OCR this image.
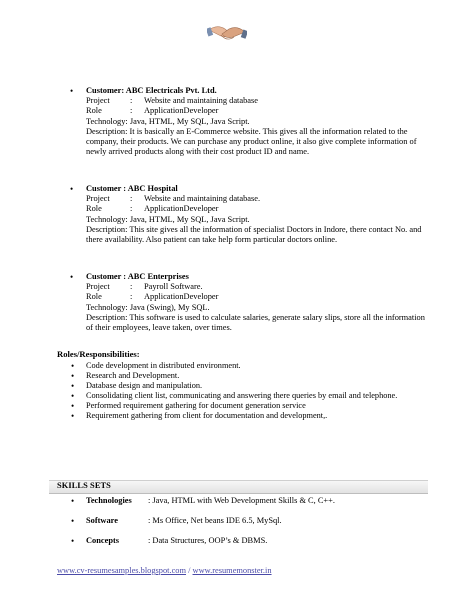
• Customer: ABC Electricals Pvt. Ltd.
Project : Website and maintaining database
Role	: ApplicationDeveloper
Technology: Java, HTML, My SQL, Java Script.
Description: It is basically an E-Commerce website. This gives all the information related to the company, their products. We can purchase any product online, it also give complete information of newly arrived products along with their cost product ID and name.
• Customer : ABC Hospital
Project : Website and maintaining database.
Role	: ApplicationDeveloper
Technology: Java, HTML, My SQL, Java Script.
Description: This site gives all the information of specialist Doctors in Indore, there contact No. and there availability. Also patient can take help form particular doctors online.
• Customer : ABC Enterprises
Project : Payroll Software.
Role	: ApplicationDeveloper
Technology: Java (Swing), My SQL.
Description: This software is used to calculate salaries, generate salary slips, store all the information of their employees, leave taken, over times.
Roles/Responsibilities:
• Code development in distributed environment.
• Research and Development.
• Database design and manipulation.
• Consolidating client list, communicating and answering there queries by email and telephone.
• Performed requirement gathering for document generation service
• Requirement gathering from client for documentation and development,.
SKILLS SETS
• Technologies : Java, HTML with Web Development Skills & C, C++.
• Software	: Ms Office, Net beans IDE 6.5, MySql.
• Concepts	: Data Structures, OOP’s & DBMS.
www.cv-resumesamples.blogspot.com / www.resumemonster.in
